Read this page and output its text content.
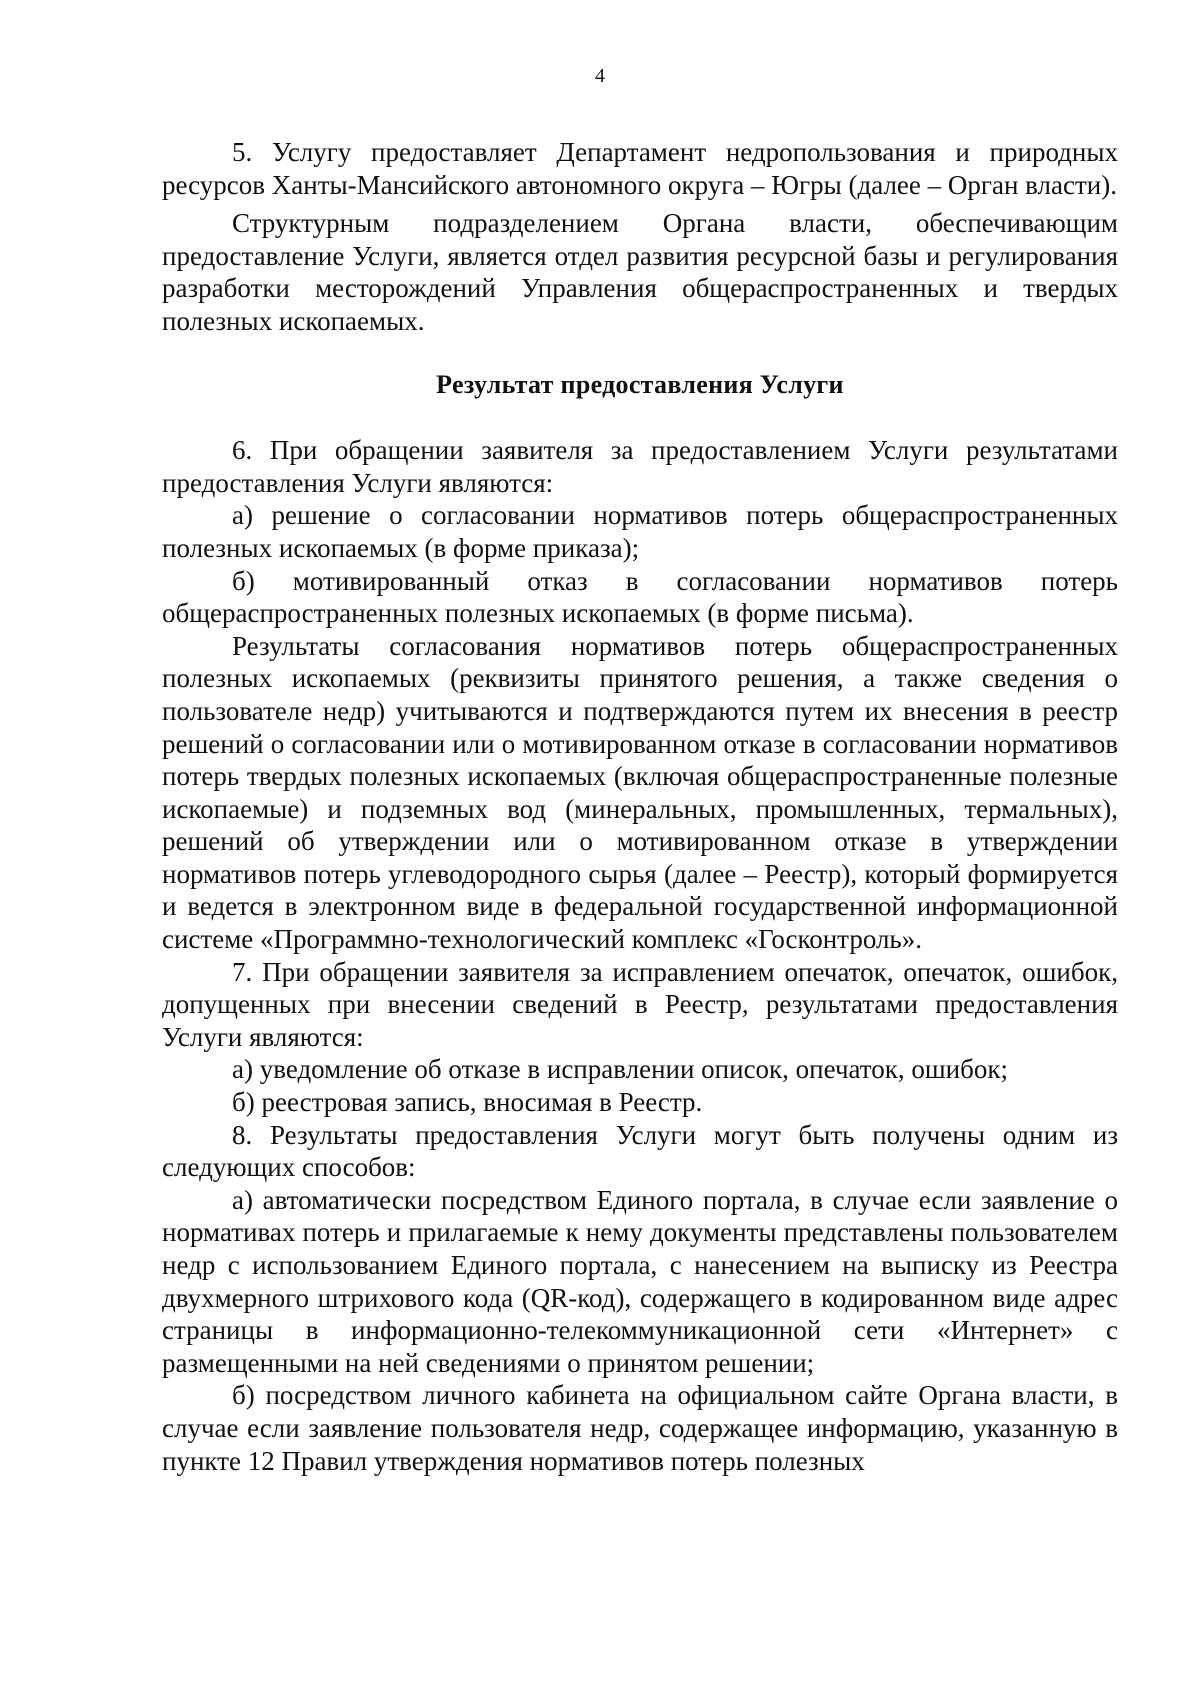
4

5. Услугу предоставляет Департамент недропользования и природных ресурсов Ханты-Мансийского автономного округа – Югры (далее – Орган власти).

Структурным подразделением Органа власти, обеспечивающим предоставление Услуги, является отдел развития ресурсной базы и регулирования разработки месторождений Управления общераспространенных и твердых полезных ископаемых.

Результат предоставления Услуги

6. При обращении заявителя за предоставлением Услуги результатами предоставления Услуги являются:

а) решение о согласовании нормативов потерь общераспространенных полезных ископаемых (в форме приказа);

б) мотивированный отказ в согласовании нормативов потерь общераспространенных полезных ископаемых (в форме письма).

Результаты согласования нормативов потерь общераспространенных полезных ископаемых (реквизиты принятого решения, а также сведения о пользователе недр) учитываются и подтверждаются путем их внесения в реестр решений о согласовании или о мотивированном отказе в согласовании нормативов потерь твердых полезных ископаемых (включая общераспространенные полезные ископаемые) и подземных вод (минеральных, промышленных, термальных), решений об утверждении или о мотивированном отказе в утверждении нормативов потерь углеводородного сырья (далее – Реестр), который формируется и ведется в электронном виде в федеральной государственной информационной системе «Программно-технологический комплекс «Госконтроль».

7. При обращении заявителя за исправлением опечаток, опечаток, ошибок, допущенных при внесении сведений в Реестр, результатами предоставления Услуги являются:

а) уведомление об отказе в исправлении описок, опечаток, ошибок;

б) реестровая запись, вносимая в Реестр.

8. Результаты предоставления Услуги могут быть получены одним из следующих способов:

а) автоматически посредством Единого портала, в случае если заявление о нормативах потерь и прилагаемые к нему документы представлены пользователем недр с использованием Единого портала, с нанесением на выписку из Реестра двухмерного штрихового кода (QR-код), содержащего в кодированном виде адрес страницы в информационно-телекоммуникационной сети «Интернет» с размещенными на ней сведениями о принятом решении;

б) посредством личного кабинета на официальном сайте Органа власти, в случае если заявление пользователя недр, содержащее информацию, указанную в пункте 12 Правил утверждения нормативов потерь полезных
